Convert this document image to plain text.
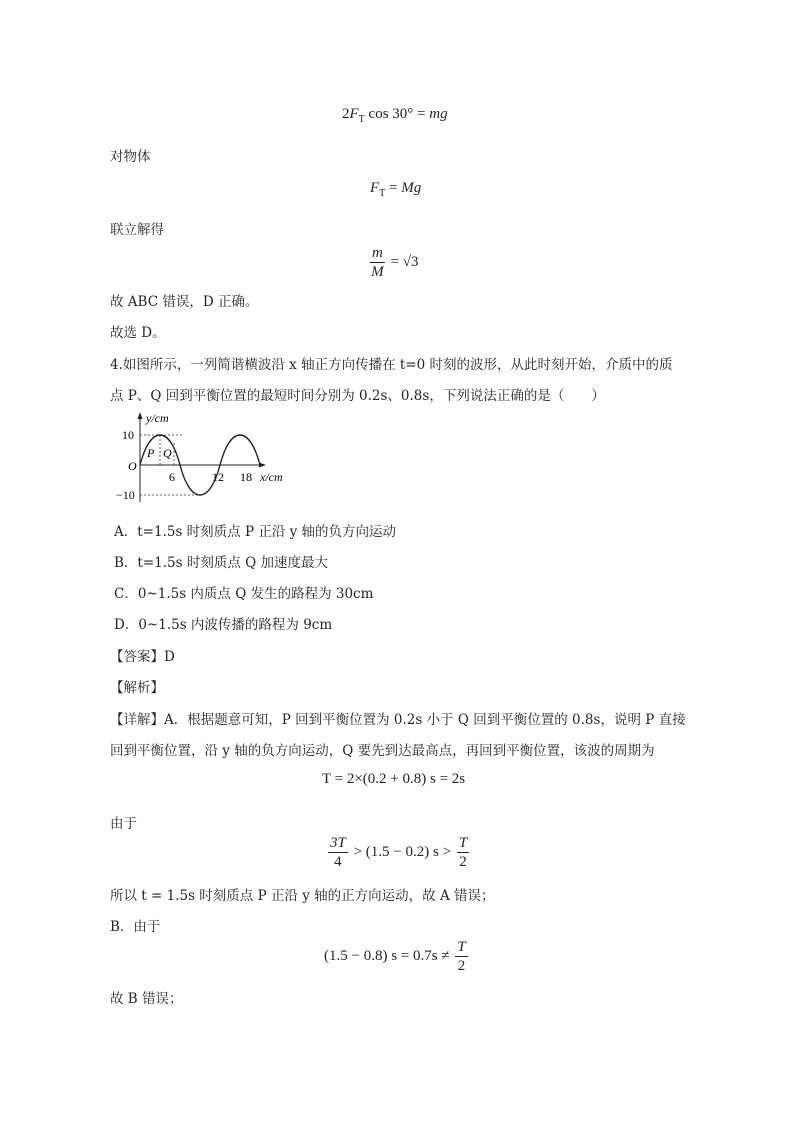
$2F_T$ cos 30° = mg
对物体
$F_T = Mg$
联立解得
$\frac{m}{M} = √3$
故 ABC 错误，D 正确。
故选 D。
4.如图所示，一列简谐横波沿 x 轴正方向传播在 t=0 时刻的波形，从此时刻开始，介质中的质
点 P、Q 回到平衡位置的最短时间分别为 0.2s、0.8s，下列说法正确的是（　　）
y/cm
10
−10
O
P Q
6	12 18 x/cm
A．t=1.5s 时刻质点 P 正沿 y 轴的负方向运动
B．t=1.5s 时刻质点 Q 加速度最大
C．0~1.5s 内质点 Q 发生的路程为 30cm
D．0~1.5s 内波传播的路程为 9cm
【答案】D
【解析】
【详解】A．根据题意可知，P 回到平衡位置为 0.2s 小于 Q 回到平衡位置的 0.8s，说明 P 直接
回到平衡位置，沿 y 轴的负方向运动，Q 要先到达最高点，再回到平衡位置，该波的周期为
T = 2×(0.2 + 0.8) s = 2s
由于
$\frac{3T}{4} > (1.5 - 0.2) s > \frac{T}{2}$
所以 t = 1.5s 时刻质点 P 正沿 y 轴的正方向运动，故 A 错误；
B．由于
(1.5 − 0.8) $s = 0.7s \ne \frac{T}{2}$
故 B 错误；
